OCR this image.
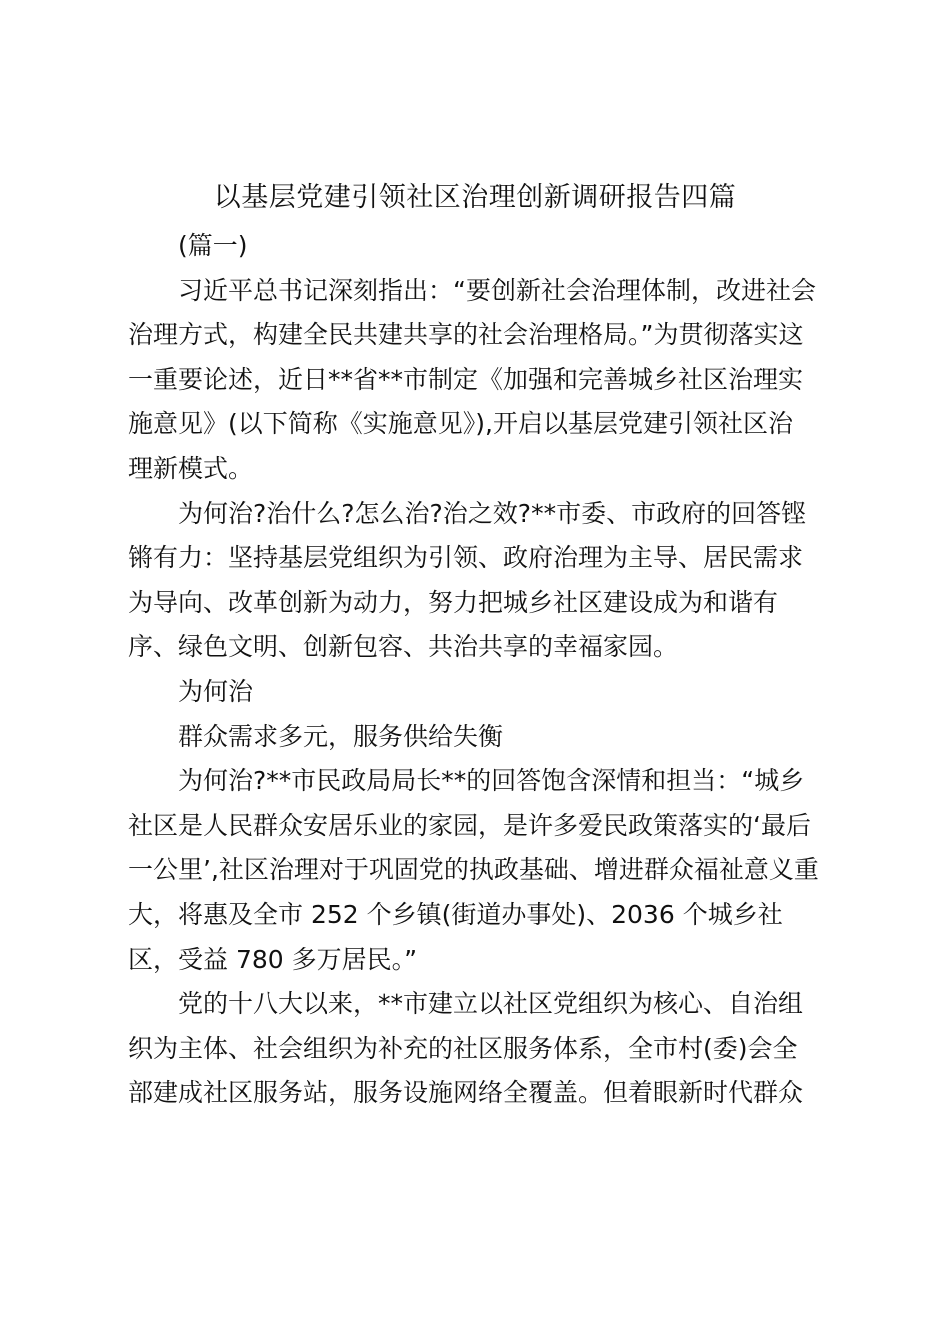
以基层党建引领社区治理创新调研报告四篇
(篇一)
习近平总书记深刻指出：“要创新社会治理体制，改进社会
治理方式，构建全民共建共享的社会治理格局。”为贯彻落实这
一重要论述，近日**省**市制定《加强和完善城乡社区治理实
施意见》(以下简称《实施意见》),开启以基层党建引领社区治
理新模式。
为何治?治什么?怎么治?治之效?**市委、市政府的回答铿
锵有力：坚持基层党组织为引领、政府治理为主导、居民需求
为导向、改革创新为动力，努力把城乡社区建设成为和谐有
序、绿色文明、创新包容、共治共享的幸福家园。
为何治
群众需求多元，服务供给失衡
为何治?**市民政局局长**的回答饱含深情和担当：“城乡
社区是人民群众安居乐业的家园，是许多爱民政策落实的‘最后
一公里’,社区治理对于巩固党的执政基础、增进群众福祉意义重
大，将惠及全市 252 个乡镇(街道办事处)、2036 个城乡社
区，受益 780 多万居民。”
党的十八大以来，**市建立以社区党组织为核心、自治组
织为主体、社会组织为补充的社区服务体系，全市村(委)会全
部建成社区服务站，服务设施网络全覆盖。但着眼新时代群众
